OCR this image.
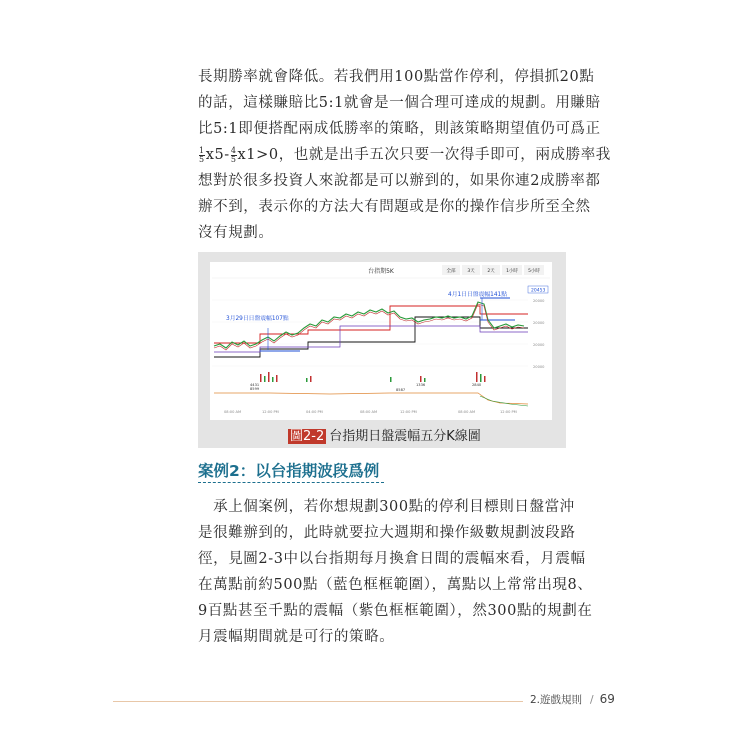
長期勝率就會降低。若我們用100點當作停利，停損抓20點
的話，這樣賺賠比5:1就會是一個合理可達成的規劃。用賺賠
比5:1即便搭配兩成低勝率的策略，則該策略期望值仍可爲正
$\frac{1}{5} x5- \frac{4}{5} x1>0$，也就是出手五次只要一次得手即可，兩成勝率我
想對於很多投資人來說都是可以辦到的，如果你連2成勝率都
辦不到，表示你的方法大有問題或是你的操作信步所至全然
沒有規劃。
台指期5K	全部	3天	2天	1小時 5小時
20000
20000
20000
20000
20453
3月29日日盤震幅107點
4月1日日盤震幅141點
4431
8599
1336
8587
2840
08:00 AM	12:00 PM	04:00 PM	08:00 AM	12:00 PM	08:00 AM	12:00 PM
圖2-2 台指期日盤震幅五分K線圖
案例2：以台指期波段爲例
　承上個案例，若你想規劃300點的停利目標則日盤當沖
是很難辦到的，此時就要拉大週期和操作級數規劃波段路
徑，見圖2-3中以台指期每月換倉日間的震幅來看，月震幅
在萬點前約500點（藍色框框範圍），萬點以上常常出現8、
9百點甚至千點的震幅（紫色框框範圍），然300點的規劃在
月震幅期間就是可行的策略。
2.遊戲規則 / 69
